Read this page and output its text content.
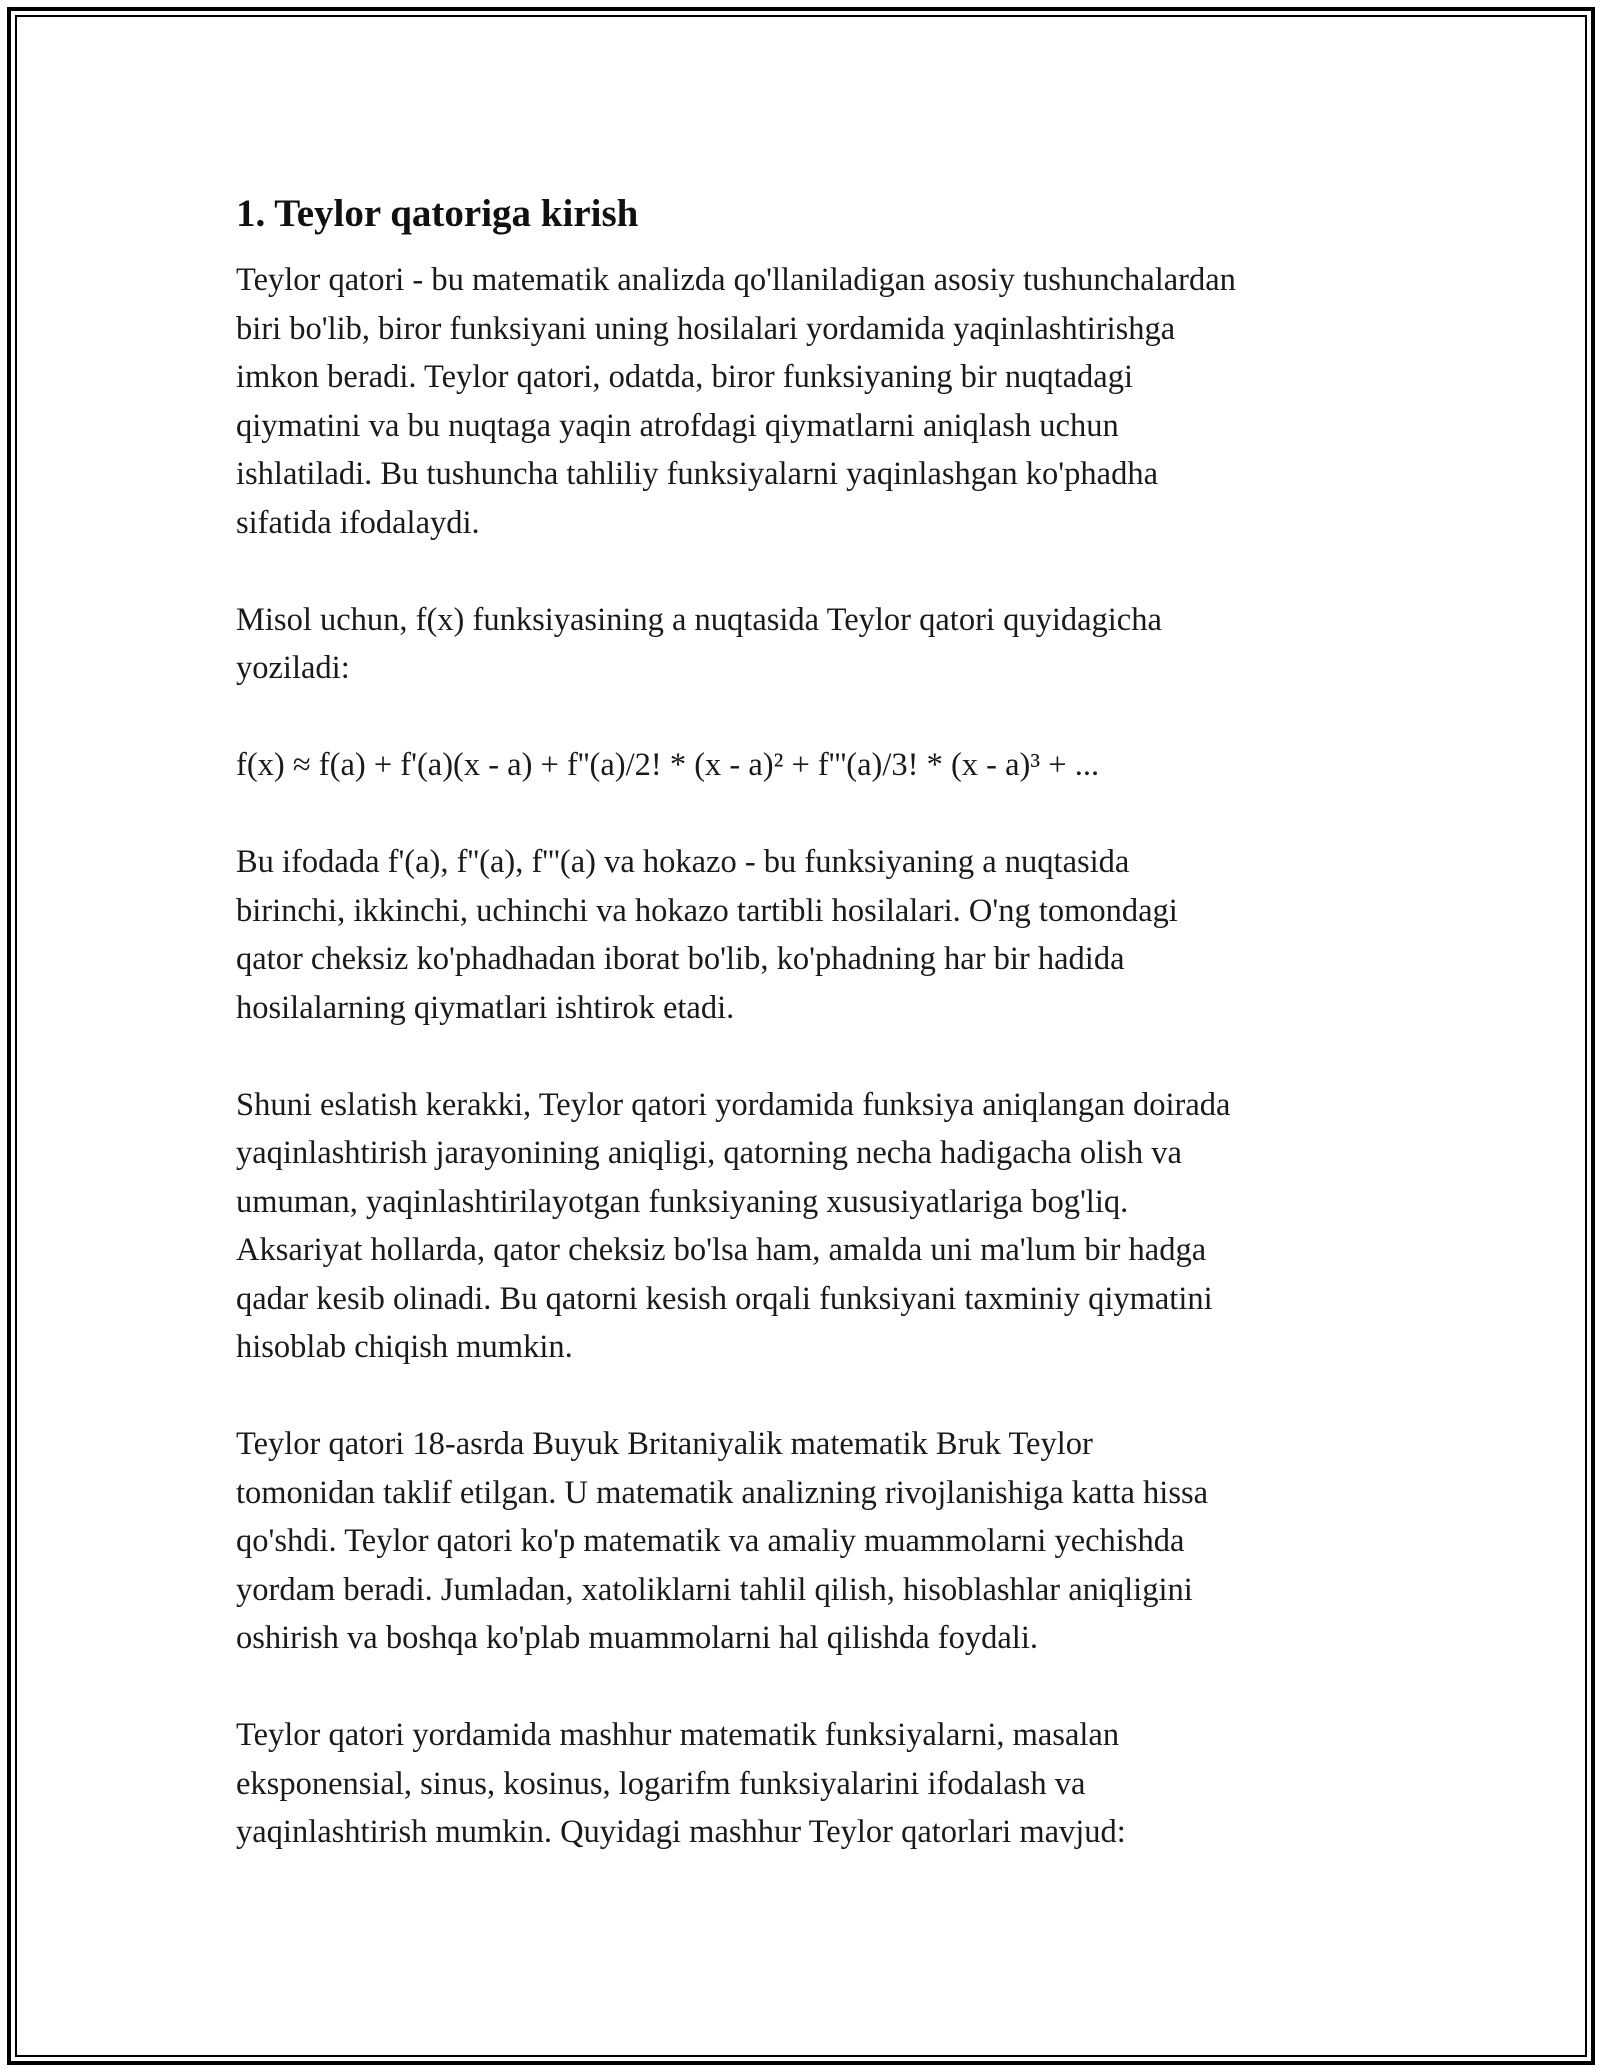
1. Teylor qatoriga kirish

Teylor qatori - bu matematik analizda qo'llaniladigan asosiy tushunchalardan
biri bo'lib, biror funksiyani uning hosilalari yordamida yaqinlashtirishga
imkon beradi. Teylor qatori, odatda, biror funksiyaning bir nuqtadagi
qiymatini va bu nuqtaga yaqin atrofdagi qiymatlarni aniqlash uchun
ishlatiladi. Bu tushuncha tahliliy funksiyalarni yaqinlashgan ko'phadha
sifatida ifodalaydi.

Misol uchun, f(x) funksiyasining a nuqtasida Teylor qatori quyidagicha
yoziladi:

f(x) ≈ f(a) + f'(a)(x - a) + f''(a)/2! * (x - a)² + f'''(a)/3! * (x - a)³ + ...

Bu ifodada f'(a), f''(a), f'''(a) va hokazo - bu funksiyaning a nuqtasida
birinchi, ikkinchi, uchinchi va hokazo tartibli hosilalari. O'ng tomondagi
qator cheksiz ko'phadhadan iborat bo'lib, ko'phadning har bir hadida
hosilalarning qiymatlari ishtirok etadi.

Shuni eslatish kerakki, Teylor qatori yordamida funksiya aniqlangan doirada
yaqinlashtirish jarayonining aniqligi, qatorning necha hadigacha olish va
umuman, yaqinlashtirilayotgan funksiyaning xususiyatlariga bog'liq.
Aksariyat hollarda, qator cheksiz bo'lsa ham, amalda uni ma'lum bir hadga
qadar kesib olinadi. Bu qatorni kesish orqali funksiyani taxminiy qiymatini
hisoblab chiqish mumkin.

Teylor qatori 18-asrda Buyuk Britaniyalik matematik Bruk Teylor
tomonidan taklif etilgan. U matematik analizning rivojlanishiga katta hissa
qo'shdi. Teylor qatori ko'p matematik va amaliy muammolarni yechishda
yordam beradi. Jumladan, xatoliklarni tahlil qilish, hisoblashlar aniqligini
oshirish va boshqa ko'plab muammolarni hal qilishda foydali.

Teylor qatori yordamida mashhur matematik funksiyalarni, masalan
eksponensial, sinus, kosinus, logarifm funksiyalarini ifodalash va
yaqinlashtirish mumkin. Quyidagi mashhur Teylor qatorlari mavjud:
